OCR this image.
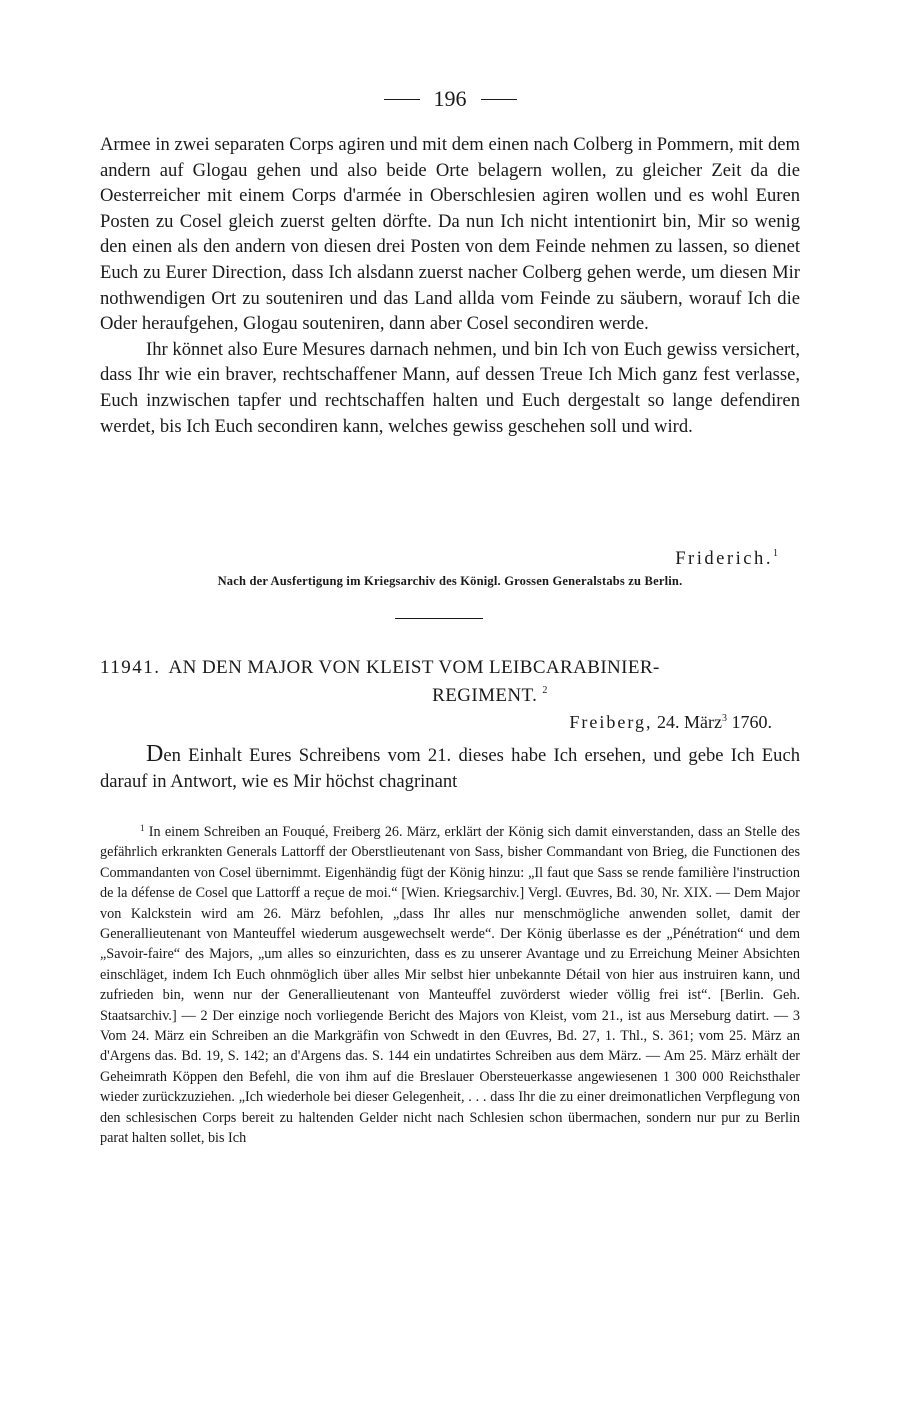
196

Armee in zwei separaten Corps agiren und mit dem einen nach Colberg in Pommern, mit dem andern auf Glogau gehen und also beide Orte belagern wollen, zu gleicher Zeit da die Oesterreicher mit einem Corps d'armée in Oberschlesien agiren wollen und es wohl Euren Posten zu Cosel gleich zuerst gelten dörfte. Da nun Ich nicht intentionirt bin, Mir so wenig den einen als den andern von diesen drei Posten von dem Feinde nehmen zu lassen, so dienet Euch zu Eurer Direction, dass Ich alsdann zuerst nacher Colberg gehen werde, um diesen Mir nothwendigen Ort zu souteniren und das Land allda vom Feinde zu säubern, worauf Ich die Oder heraufgehen, Glogau souteniren, dann aber Cosel secondiren werde.

Ihr könnet also Eure Mesures darnach nehmen, und bin Ich von Euch gewiss versichert, dass Ihr wie ein braver, rechtschaffener Mann, auf dessen Treue Ich Mich ganz fest verlasse, Euch inzwischen tapfer und rechtschaffen halten und Euch dergestalt so lange defendiren werdet, bis Ich Euch secondiren kann, welches gewiss geschehen soll und wird.

Friderich.$^1$
Nach der Ausfertigung im Kriegsarchiv des Königl. Grossen Generalstabs zu Berlin.
11941. AN DEN MAJOR VON KLEIST VOM LEIBCARABINIER-
REGIMENT. $^2$
Freiberg, 24. März$^3$ 1760.

Den Einhalt Eures Schreibens vom 21. dieses habe Ich ersehen, und gebe Ich Euch darauf in Antwort, wie es Mir höchst chagrinant

$^1$ In einem Schreiben an Fouqué, Freiberg 26. März, erklärt der König sich damit einverstanden, dass an Stelle des gefährlich erkrankten Generals Lattorff der Oberstlieutenant von Sass, bisher Commandant von Brieg, die Functionen des Commandanten von Cosel übernimmt. Eigenhändig fügt der König hinzu: „Il faut que Sass se rende familière l'instruction de la défense de Cosel que Lattorff a reçue de moi.“ [Wien. Kriegsarchiv.] Vergl. Œuvres, Bd. 30, Nr. XIX. — Dem Major von Kalckstein wird am 26. März befohlen, „dass Ihr alles nur menschmögliche anwenden sollet, damit der Generallieutenant von Manteuffel wiederum ausgewechselt werde“. Der König überlasse es der „Pénétration“ und dem „Savoir-faire“ des Majors, „um alles so einzurichten, dass es zu unserer Avantage und zu Erreichung Meiner Absichten einschläget, indem Ich Euch ohnmöglich über alles Mir selbst hier unbekannte Détail von hier aus instruiren kann, und zufrieden bin, wenn nur der Generallieutenant von Manteuffel zuvörderst wieder völlig frei ist“. [Berlin. Geh. Staatsarchiv.] — 2 Der einzige noch vorliegende Bericht des Majors von Kleist, vom 21., ist aus Merseburg datirt. — 3 Vom 24. März ein Schreiben an die Markgräfin von Schwedt in den Œuvres, Bd. 27, 1. Thl., S. 361; vom 25. März an d'Argens das. Bd. 19, S. 142; an d'Argens das. S. 144 ein undatirtes Schreiben aus dem März. — Am 25. März erhält der Geheimrath Köppen den Befehl, die von ihm auf die Breslauer Obersteuerkasse angewiesenen 1 300 000 Reichsthaler wieder zurückzuziehen. „Ich wiederhole bei dieser Gelegenheit, . . . dass Ihr die zu einer dreimonatlichen Verpflegung von den schlesischen Corps bereit zu haltenden Gelder nicht nach Schlesien schon übermachen, sondern nur pur zu Berlin parat halten sollet, bis Ich
